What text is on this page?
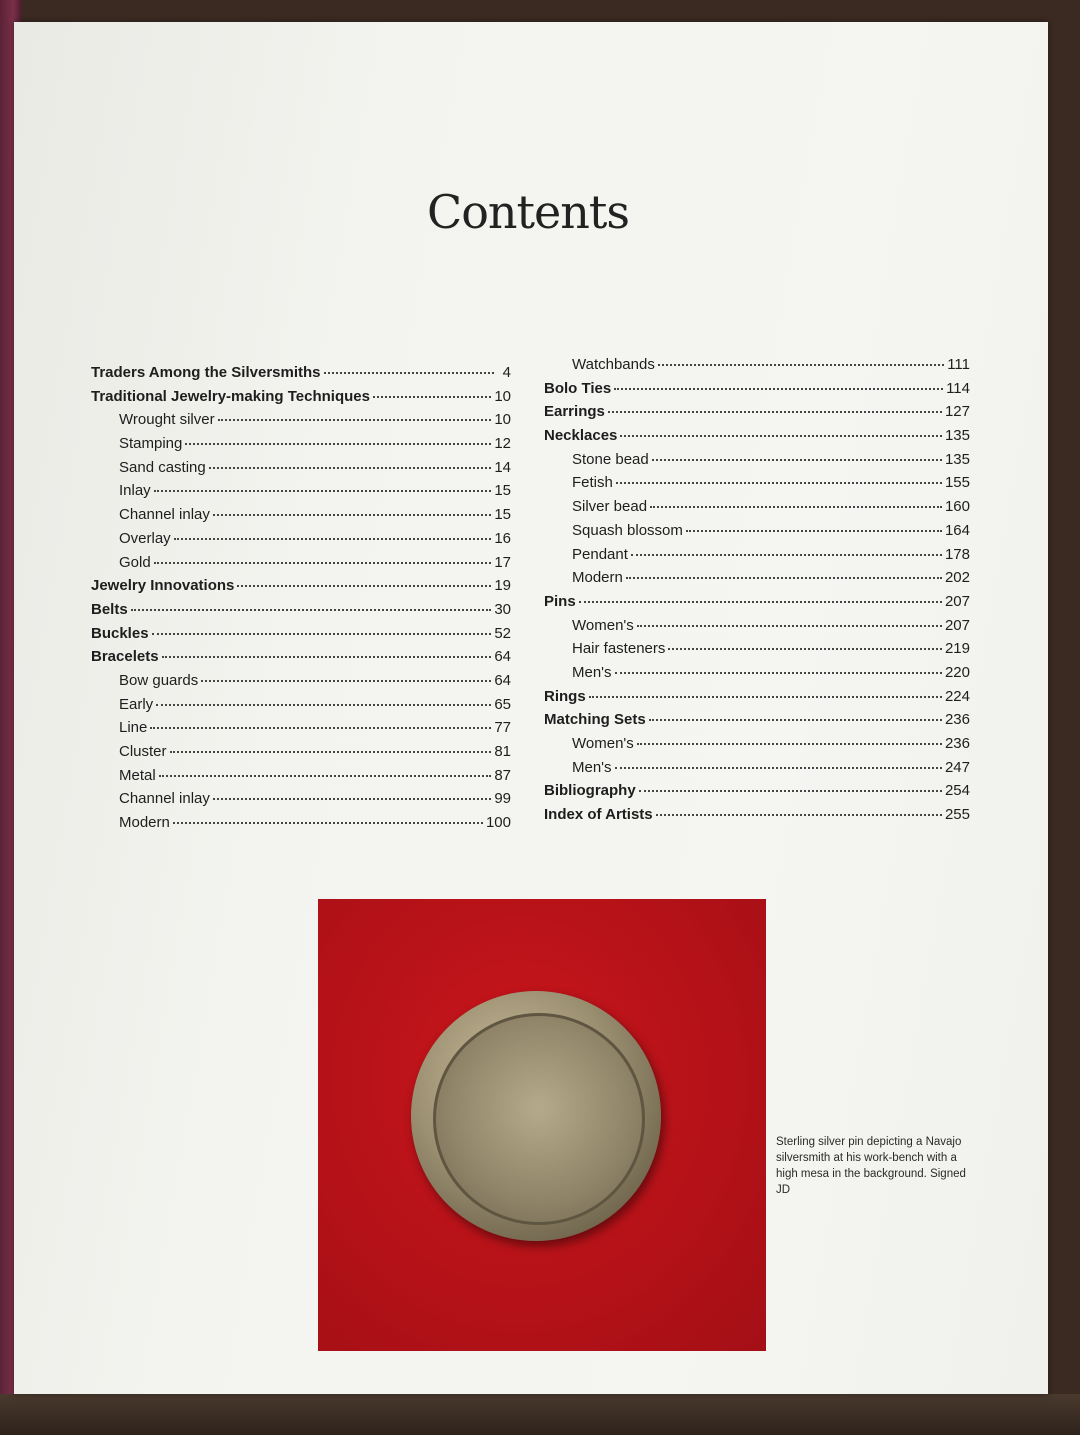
Contents
Traders Among the Silversmiths	4
Traditional Jewelry-making Techniques	10
Wrought silver	10
Stamping	12
Sand casting	14
Inlay	15
Channel inlay	15
Overlay	16
Gold	17
Jewelry Innovations	19
Belts	30
Buckles	52
Bracelets	64
Bow guards	64
Early	65
Line	77
Cluster	81
Metal	87
Channel inlay	99
Modern	100
Watchbands	111
Bolo Ties	114
Earrings	127
Necklaces	135
Stone bead	135
Fetish	155
Silver bead	160
Squash blossom	164
Pendant	178
Modern	202
Pins	207
Women's	207
Hair fasteners	219
Men's	220
Rings	224
Matching Sets	236
Women's	236
Men's	247
Bibliography	254
Index of Artists	255
Sterling silver pin depicting a Navajo silversmith at his work-bench with a high mesa in the background. Signed JD
